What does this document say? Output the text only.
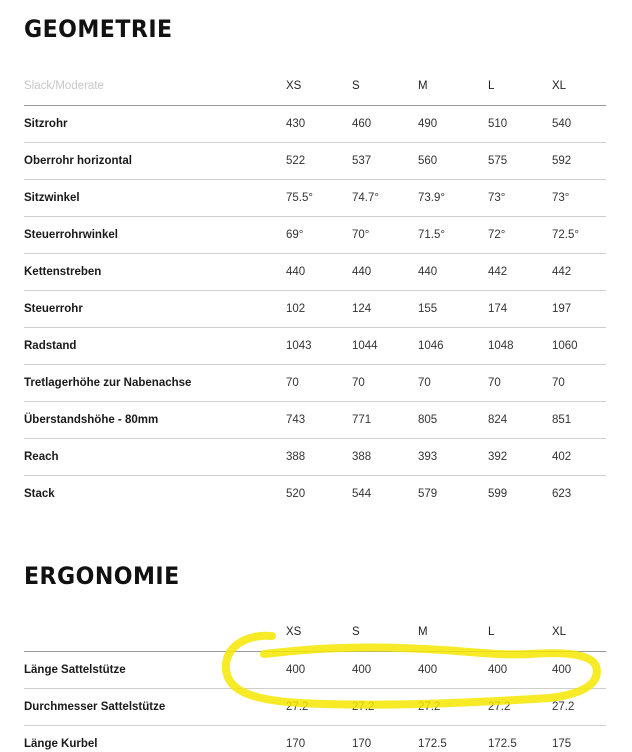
GEOMETRIE
Slack/Moderate	XS	S	M	L	XL
Sitzrohr	430	460	490	510	540
Oberrohr horizontal	522	537	560	575	592
Sitzwinkel	75.5°	74.7°	73.9°	73°	73°
Steuerrohrwinkel	69°	70°	71.5°	72°	72.5°
Kettenstreben	440	440	440	442	442
Steuerrohr	102	124	155	174	197
Radstand	1043	1044	1046	1048	1060
Tretlagerhöhe zur Nabenachse	70	70	70	70	70
Überstandshöhe - 80mm	743	771	805	824	851
Reach	388	388	393	392	402
Stack	520	544	579	599	623
ERGONOMIE
	XS	S	M	L	XL
Länge Sattelstütze	400	400	400	400	400
Durchmesser Sattelstütze	27.2	27.2	27.2	27.2	27.2
Länge Kurbel	170	170	172.5	172.5	175
